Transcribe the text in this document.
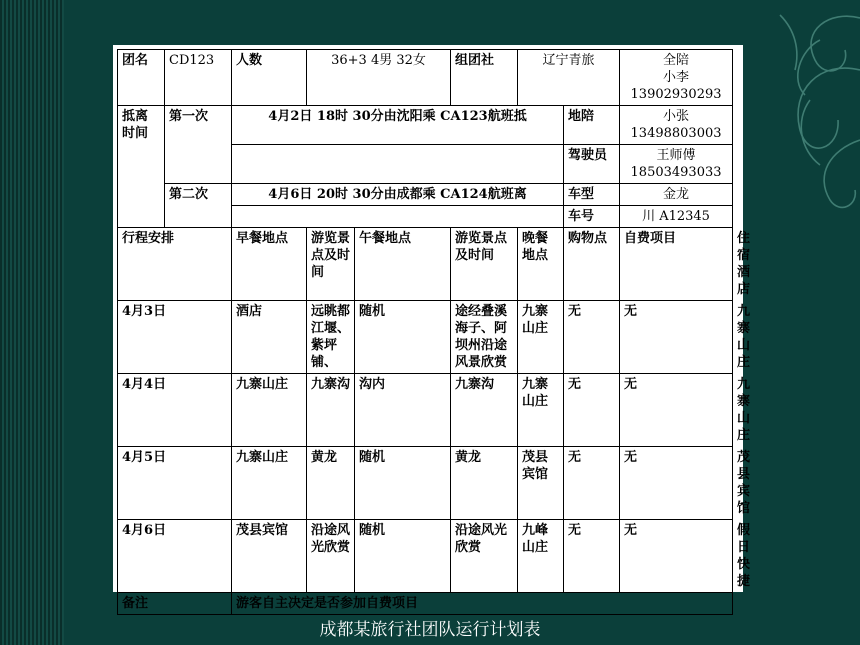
团名	CD123	人数	36+3 4男 32女		组团社	辽宁青旅		全陪
小李
13902930293	
抵离时间	第一次	4月2日 18时 30分由沈阳乘 CA123航班抵					地陪	小张
13498803003	
							驾驶员	王师傅
18503493033	
	第二次	4月6日 20时 30分由成都乘 CA124航班离					车型	金龙	
							车号	川 A12345	
行程安排		早餐地点	游览景点及时间	午餐地点	游览景点及时间	晚餐地点	购物点	自费项目	住宿酒店
4月3日		酒店	远眺都江堰、紫坪铺、	随机	途经叠溪海子、阿坝州沿途风景欣赏	九寨山庄	无	无	九寨山庄
4月4日		九寨山庄	九寨沟	沟内	九寨沟	九寨山庄	无	无	九寨山庄
4月5日		九寨山庄	黄龙	随机	黄龙	茂县宾馆	无	无	茂县宾馆
4月6日		茂县宾馆	沿途风光欣赏	随机	沿途风光欣赏	九峰山庄	无	无	假日快捷
备注		游客自主决定是否参加自费项目							
成都某旅行社团队运行计划表
